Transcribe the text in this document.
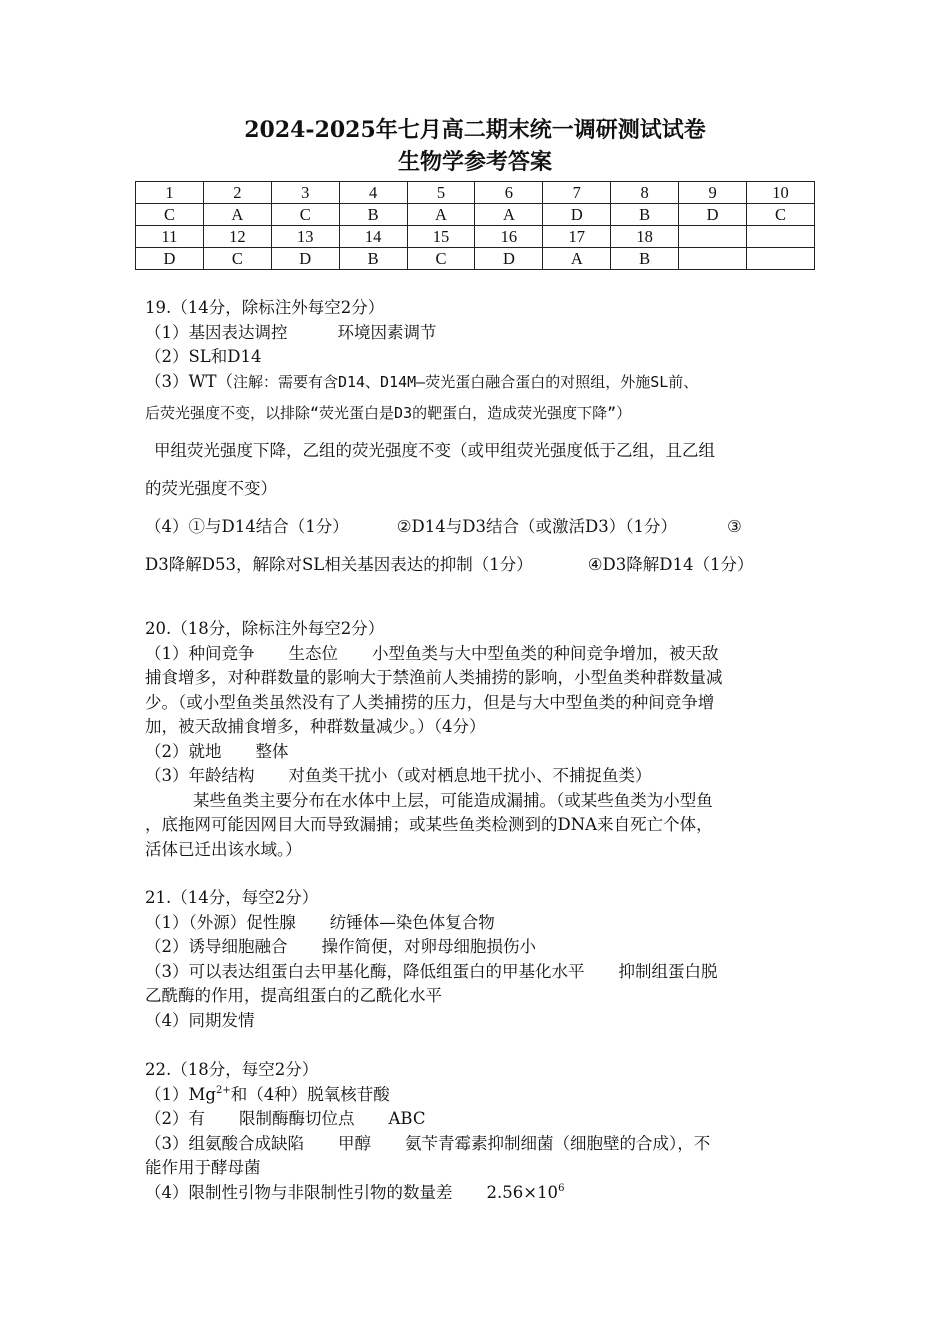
2024-2025年七月高二期末统一调研测试试卷
生物学参考答案
1	2	3	4	5	6	7	8	9	10
C	A	C	B	A	A	D	B	D	C
11	12	13	14	15	16	17	18		
D	C	D	B	C	D	A	B		
19.（14分，除标注外每空2分）
（1）基因表达调控	环境因素调节
（2）SL和D14
（3）WT（注解：需要有含D14、D14M—荧光蛋白融合蛋白的对照组，外施SL前、
后荧光强度不变，以排除“荧光蛋白是D3的靶蛋白，造成荧光强度下降”）
甲组荧光强度下降，乙组的荧光强度不变（或甲组荧光强度低于乙组，且乙组
的荧光强度不变）
（4）①与D14结合（1分）	②D14与D3结合（或激活D3）（1分）	③
D3降解D53，解除对SL相关基因表达的抑制（1分）	④D3降解D14（1分）
20.（18分，除标注外每空2分）
（1）种间竞争 生态位 小型鱼类与大中型鱼类的种间竞争增加，被天敌
捕食增多，对种群数量的影响大于禁渔前人类捕捞的影响，小型鱼类种群数量减
少。（或小型鱼类虽然没有了人类捕捞的压力，但是与大中型鱼类的种间竞争增
加，被天敌捕食增多，种群数量减少。）（4分）
（2）就地 整体
（3）年龄结构 对鱼类干扰小（或对栖息地干扰小、不捕捉鱼类）
某些鱼类主要分布在水体中上层，可能造成漏捕。（或某些鱼类为小型鱼
，底拖网可能因网目大而导致漏捕；或某些鱼类检测到的DNA来自死亡个体，
活体已迁出该水域。）
21.（14分，每空2分）
（1）（外源）促性腺 纺锤体—染色体复合物
（2）诱导细胞融合 操作简便，对卵母细胞损伤小
（3）可以表达组蛋白去甲基化酶，降低组蛋白的甲基化水平 抑制组蛋白脱
乙酰酶的作用，提高组蛋白的乙酰化水平
（4）同期发情
22.（18分，每空2分）
$(1)Mg^{2+}$和（4种）脱氧核苷酸
（2）有 限制酶酶切位点 ABC
（3）组氨酸合成缺陷 甲醇 氨苄青霉素抑制细菌（细胞壁的合成），不
能作用于酵母菌
（4）限制性引物与非限制性引物的数量差 $2.56\times 10^6$
